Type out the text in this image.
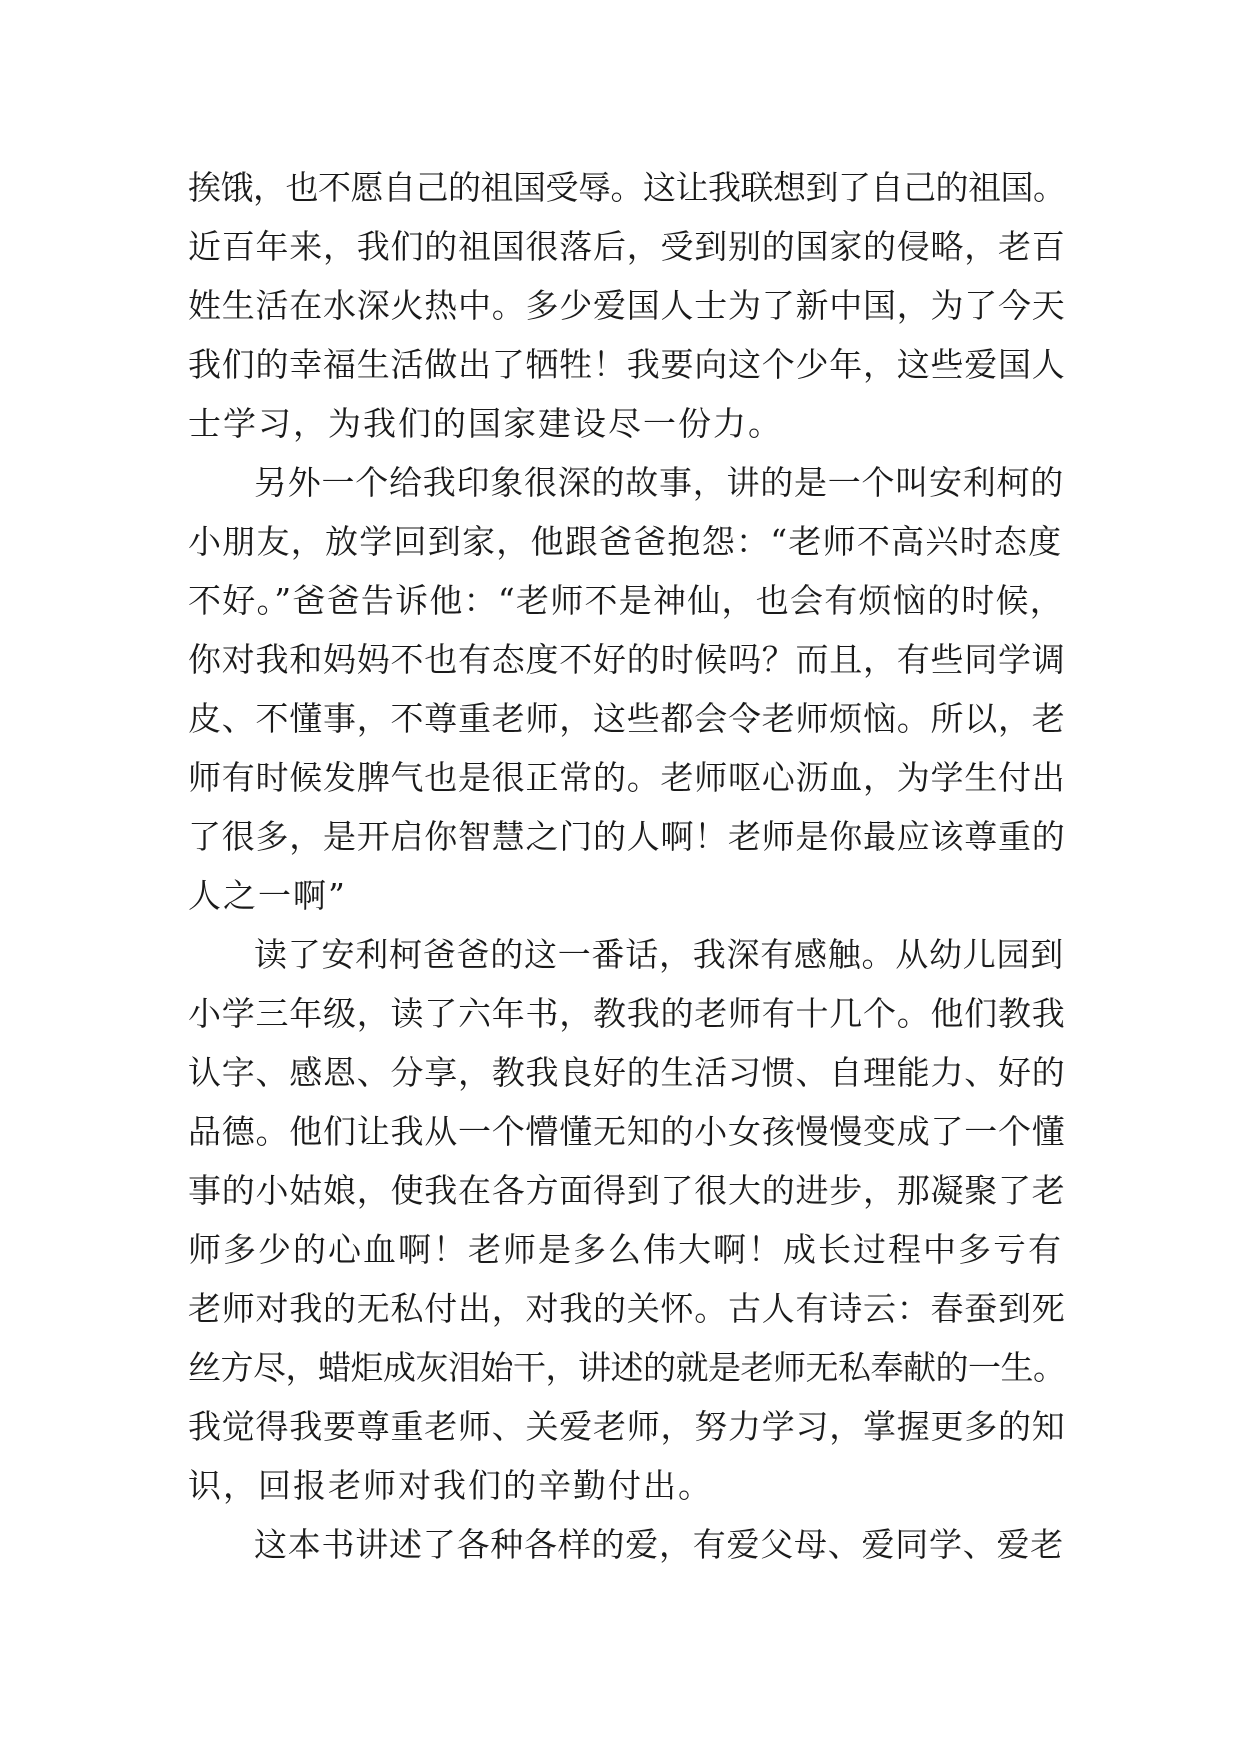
挨饿，也不愿自己的祖国受辱。这让我联想到了自己的祖国。
近百年来，我们的祖国很落后，受到别的国家的侵略，老百
姓生活在水深火热中。多少爱国人士为了新中国，为了今天
我们的幸福生活做出了牺牲！我要向这个少年，这些爱国人
士学习，为我们的国家建设尽一份力。
另外一个给我印象很深的故事，讲的是一个叫安利柯的
小朋友，放学回到家，他跟爸爸抱怨：“老师不高兴时态度
不好。”爸爸告诉他：“老师不是神仙，也会有烦恼的时候，
你对我和妈妈不也有态度不好的时候吗？而且，有些同学调
皮、不懂事，不尊重老师，这些都会令老师烦恼。所以，老
师有时候发脾气也是很正常的。老师呕心沥血，为学生付出
了很多，是开启你智慧之门的人啊！老师是你最应该尊重的
人之一啊”
读了安利柯爸爸的这一番话，我深有感触。从幼儿园到
小学三年级，读了六年书，教我的老师有十几个。他们教我
认字、感恩、分享，教我良好的生活习惯、自理能力、好的
品德。他们让我从一个懵懂无知的小女孩慢慢变成了一个懂
事的小姑娘，使我在各方面得到了很大的进步，那凝聚了老
师多少的心血啊！老师是多么伟大啊！成长过程中多亏有
老师对我的无私付出，对我的关怀。古人有诗云：春蚕到死
丝方尽，蜡炬成灰泪始干，讲述的就是老师无私奉献的一生。
我觉得我要尊重老师、关爱老师，努力学习，掌握更多的知
识，回报老师对我们的辛勤付出。
这本书讲述了各种各样的爱，有爱父母、爱同学、爱老
